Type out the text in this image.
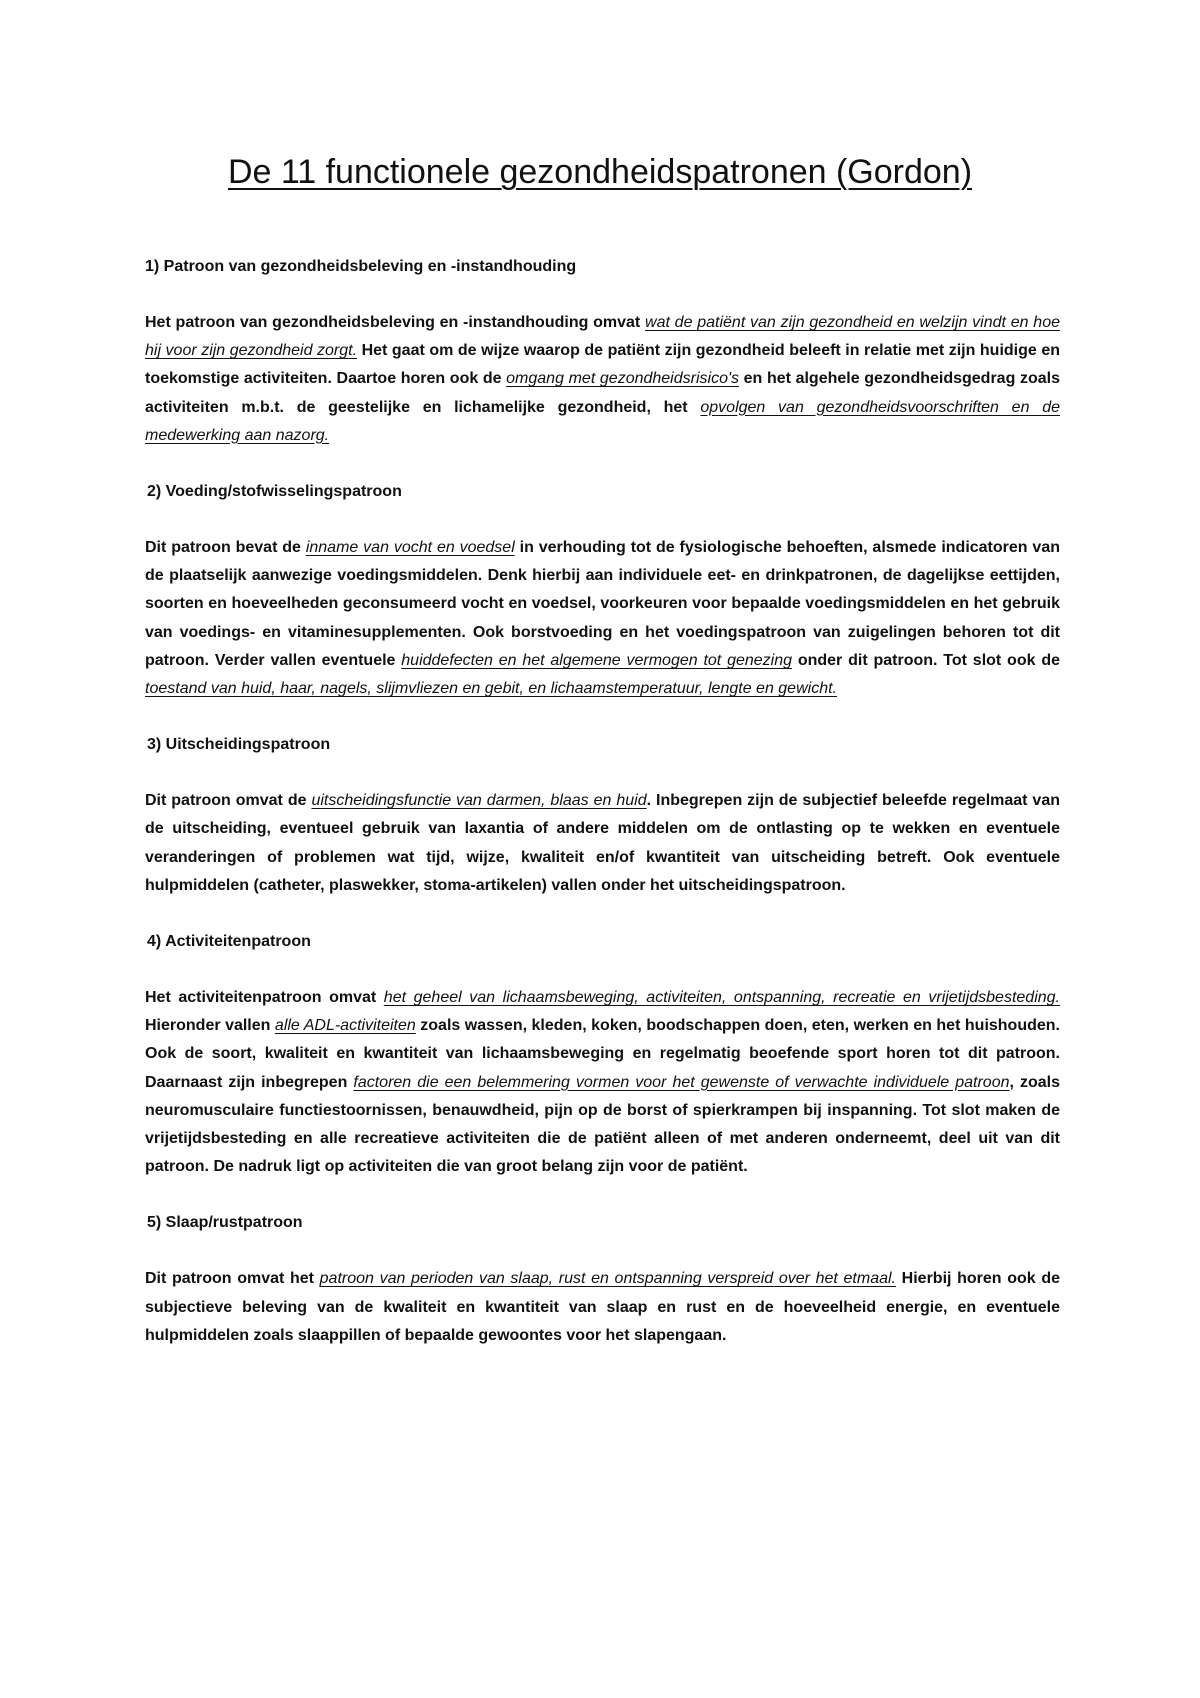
De 11 functionele gezondheidspatronen (Gordon)

1) Patroon van gezondheidsbeleving en -instandhouding

Het patroon van gezondheidsbeleving en -instandhouding omvat wat de patiënt van zijn gezondheid en welzijn vindt en hoe hij voor zijn gezondheid zorgt. Het gaat om de wijze waarop de patiënt zijn gezondheid beleeft in relatie met zijn huidige en toekomstige activiteiten. Daartoe horen ook de omgang met gezondheidsrisico's en het algehele gezondheidsgedrag zoals activiteiten m.b.t. de geestelijke en lichamelijke gezondheid, het opvolgen van gezondheidsvoorschriften en de medewerking aan nazorg.

2) Voeding/stofwisselingspatroon

Dit patroon bevat de inname van vocht en voedsel in verhouding tot de fysiologische behoeften, alsmede indicatoren van de plaatselijk aanwezige voedingsmiddelen. Denk hierbij aan individuele eet- en drinkpatronen, de dagelijkse eettijden, soorten en hoeveelheden geconsumeerd vocht en voedsel, voorkeuren voor bepaalde voedingsmiddelen en het gebruik van voedings- en vitaminesupplementen. Ook borstvoeding en het voedingspatroon van zuigelingen behoren tot dit patroon. Verder vallen eventuele huiddefecten en het algemene vermogen tot genezing onder dit patroon. Tot slot ook de toestand van huid, haar, nagels, slijmvliezen en gebit, en lichaamstemperatuur, lengte en gewicht.

3) Uitscheidingspatroon

Dit patroon omvat de uitscheidingsfunctie van darmen, blaas en huid. Inbegrepen zijn de subjectief beleefde regelmaat van de uitscheiding, eventueel gebruik van laxantia of andere middelen om de ontlasting op te wekken en eventuele veranderingen of problemen wat tijd, wijze, kwaliteit en/of kwantiteit van uitscheiding betreft. Ook eventuele hulpmiddelen (catheter, plaswekker, stoma-artikelen) vallen onder het uitscheidingspatroon.

4) Activiteitenpatroon

Het activiteitenpatroon omvat het geheel van lichaamsbeweging, activiteiten, ontspanning, recreatie en vrijetijdsbesteding. Hieronder vallen alle ADL-activiteiten zoals wassen, kleden, koken, boodschappen doen, eten, werken en het huishouden. Ook de soort, kwaliteit en kwantiteit van lichaamsbeweging en regelmatig beoefende sport horen tot dit patroon. Daarnaast zijn inbegrepen factoren die een belemmering vormen voor het gewenste of verwachte individuele patroon, zoals neuromusculaire functiestoornissen, benauwdheid, pijn op de borst of spierkrampen bij inspanning. Tot slot maken de vrijetijdsbesteding en alle recreatieve activiteiten die de patiënt alleen of met anderen onderneemt, deel uit van dit patroon. De nadruk ligt op activiteiten die van groot belang zijn voor de patiënt.

5) Slaap/rustpatroon

Dit patroon omvat het patroon van perioden van slaap, rust en ontspanning verspreid over het etmaal. Hierbij horen ook de subjectieve beleving van de kwaliteit en kwantiteit van slaap en rust en de hoeveelheid energie, en eventuele hulpmiddelen zoals slaappillen of bepaalde gewoontes voor het slapengaan.
